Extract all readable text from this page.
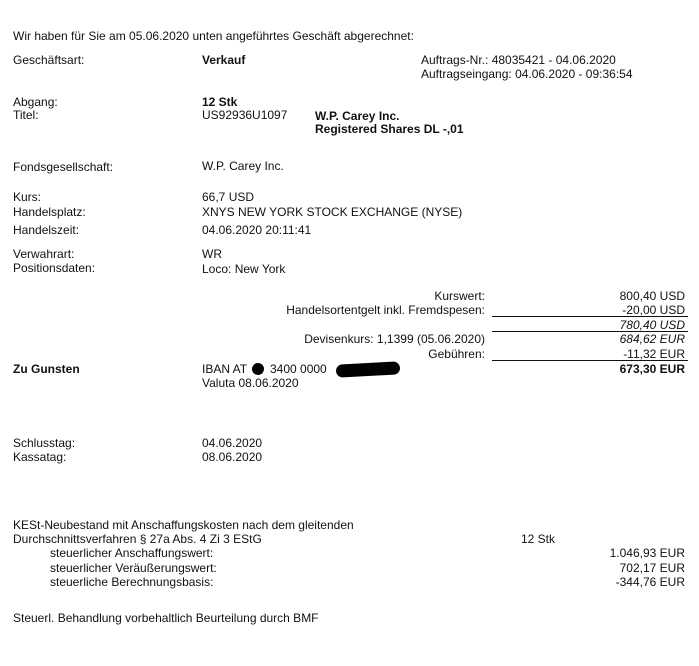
Wir haben für Sie am 05.06.2020 unten angeführtes Geschäft abgerechnet:
Geschäftsart:	Verkauf	Auftrags-Nr.: 48035421 - 04.06.2020
Auftragseingang: 04.06.2020 - 09:36:54
Abgang:	12 Stk
Titel:	US92936U1097 W.P. Carey Inc.
Registered Shares DL -,01
Fondsgesellschaft:	W.P. Carey Inc.
Kurs:	66,7 USD
Handelsplatz:	XNYS NEW YORK STOCK EXCHANGE (NYSE)
Handelszeit:	04.06.2020 20:11:41
Verwahrart:	WR
Positionsdaten:	Loco: New York
Kurswert:	800,40 USD
Handelsortentgelt inkl. Fremdspesen:	-20,00 USD
780,40 USD
Devisenkurs: 1,1399 (05.06.2020)	684,62 EUR
Gebühren:	-11,32 EUR
673,30 EUR
Zu Gunsten	IBAN AT 3400 0000
Valuta 08.06.2020
Schlusstag:	04.06.2020
Kassatag:	08.06.2020
KESt-Neubestand mit Anschaffungskosten nach dem gleitenden
Durchschnittsverfahren § 27a Abs. 4 Zi 3 EStG	12 Stk
steuerlicher Anschaffungswert:	1.046,93 EUR
steuerlicher Veräußerungswert:	702,17 EUR
steuerliche Berechnungsbasis:	-344,76 EUR
Steuerl. Behandlung vorbehaltlich Beurteilung durch BMF
